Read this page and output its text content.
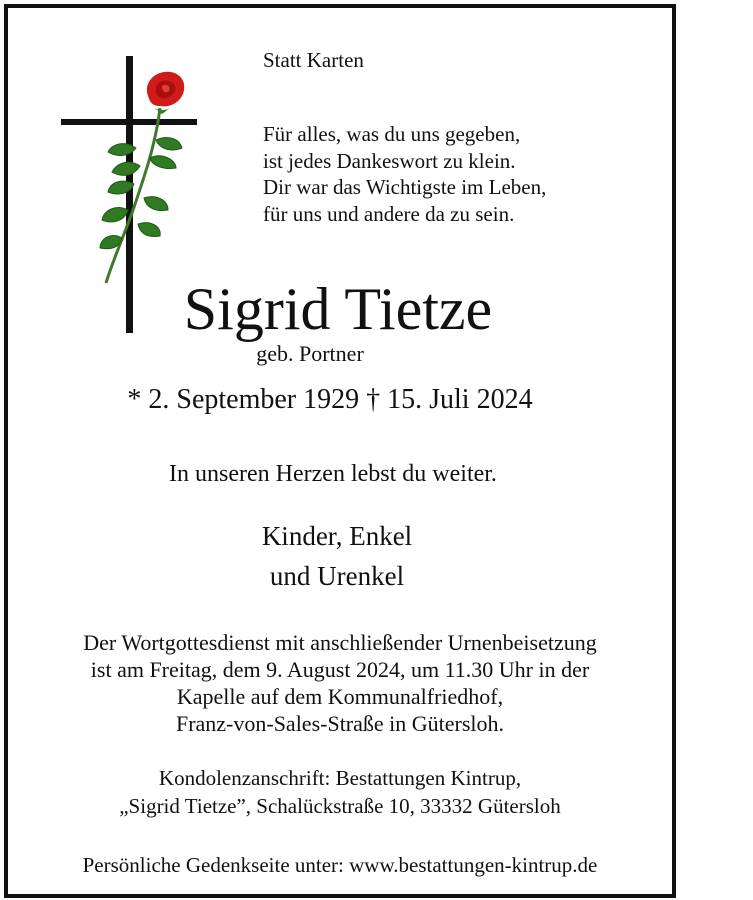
Statt Karten
Für alles, was du uns gegeben,
ist jedes Dankeswort zu klein.
Dir war das Wichtigste im Leben,
für uns und andere da zu sein.
Sigrid Tietze
geb. Portner
* 2. September 1929 † 15. Juli 2024
In unseren Herzen lebst du weiter.
Kinder, Enkel
und Urenkel
Der Wortgottesdienst mit anschließender Urnenbeisetzung
ist am Freitag, dem 9. August 2024, um 11.30 Uhr in der
Kapelle auf dem Kommunalfriedhof,
Franz-von-Sales-Straße in Gütersloh.
Kondolenzanschrift: Bestattungen Kintrup,
„Sigrid Tietze”, Schalückstraße 10, 33332 Gütersloh
Persönliche Gedenkseite unter: www.bestattungen-kintrup.de
